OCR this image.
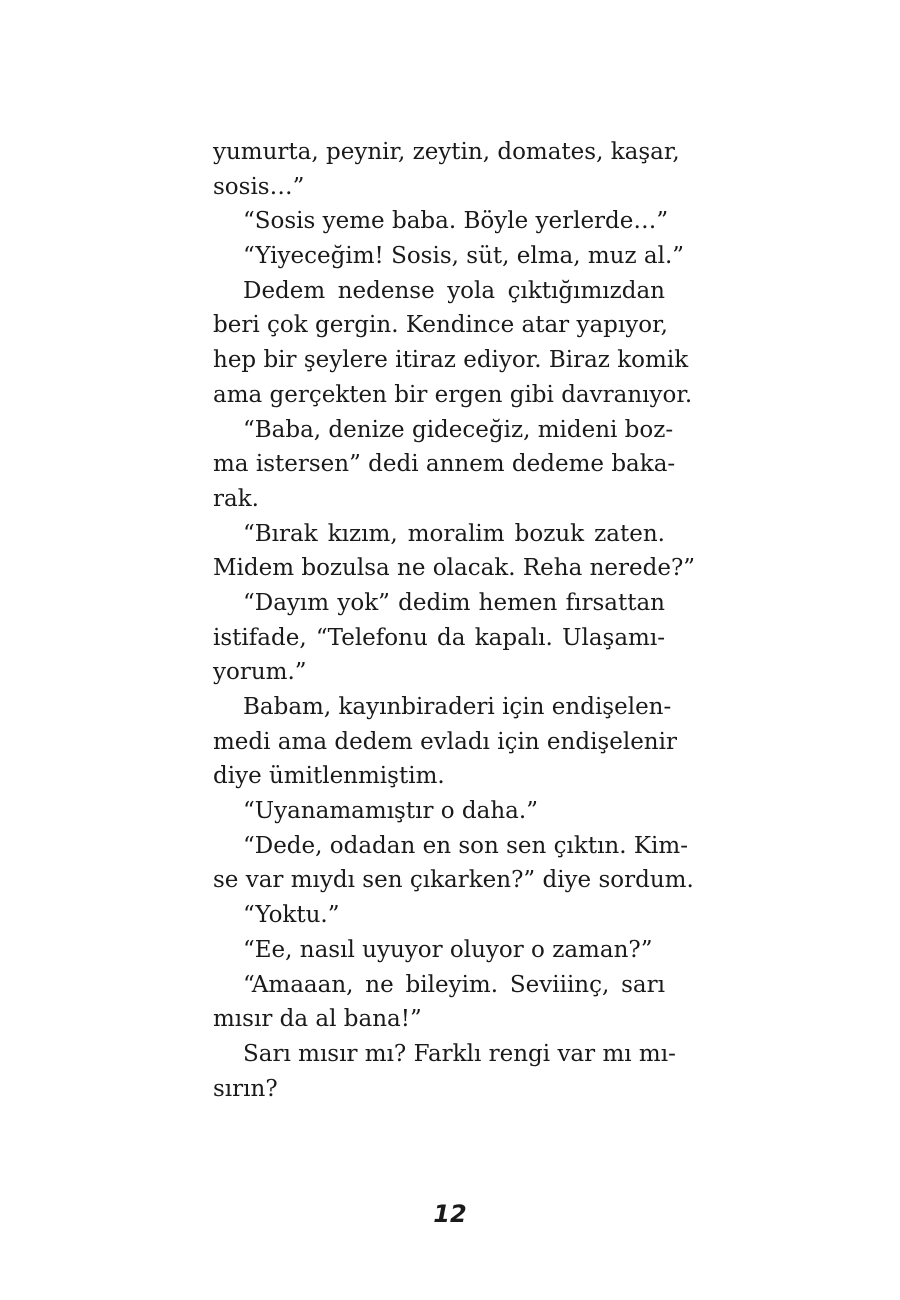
yumurta, peynir, zeytin, domates, kaşar,
sosis…”
“Sosis yeme baba. Böyle yerlerde…”
“Yiyeceğim! Sosis, süt, elma, muz al.”
Dedem nedense yola çıktığımızdan
beri çok gergin. Kendince atar yapıyor,
hep bir şeylere itiraz ediyor. Biraz komik
ama gerçekten bir ergen gibi davranıyor.
“Baba, denize gideceğiz, mideni boz-
ma istersen” dedi annem dedeme baka-
rak.
“Bırak kızım, moralim bozuk zaten.
Midem bozulsa ne olacak. Reha nerede?”
“Dayım yok” dedim hemen fırsattan
istifade, “Telefonu da kapalı. Ulaşamı-
yorum.”
Babam, kayınbiraderi için endişelen-
medi ama dedem evladı için endişelenir
diye ümitlenmiştim.
“Uyanamamıştır o daha.”
“Dede, odadan en son sen çıktın. Kim-
se var mıydı sen çıkarken?” diye sordum.
“Yoktu.”
“Ee, nasıl uyuyor oluyor o zaman?”
“Amaaan, ne bileyim. Seviiinç, sarı
mısır da al bana!”
Sarı mısır mı? Farklı rengi var mı mı-
sırın?
12
